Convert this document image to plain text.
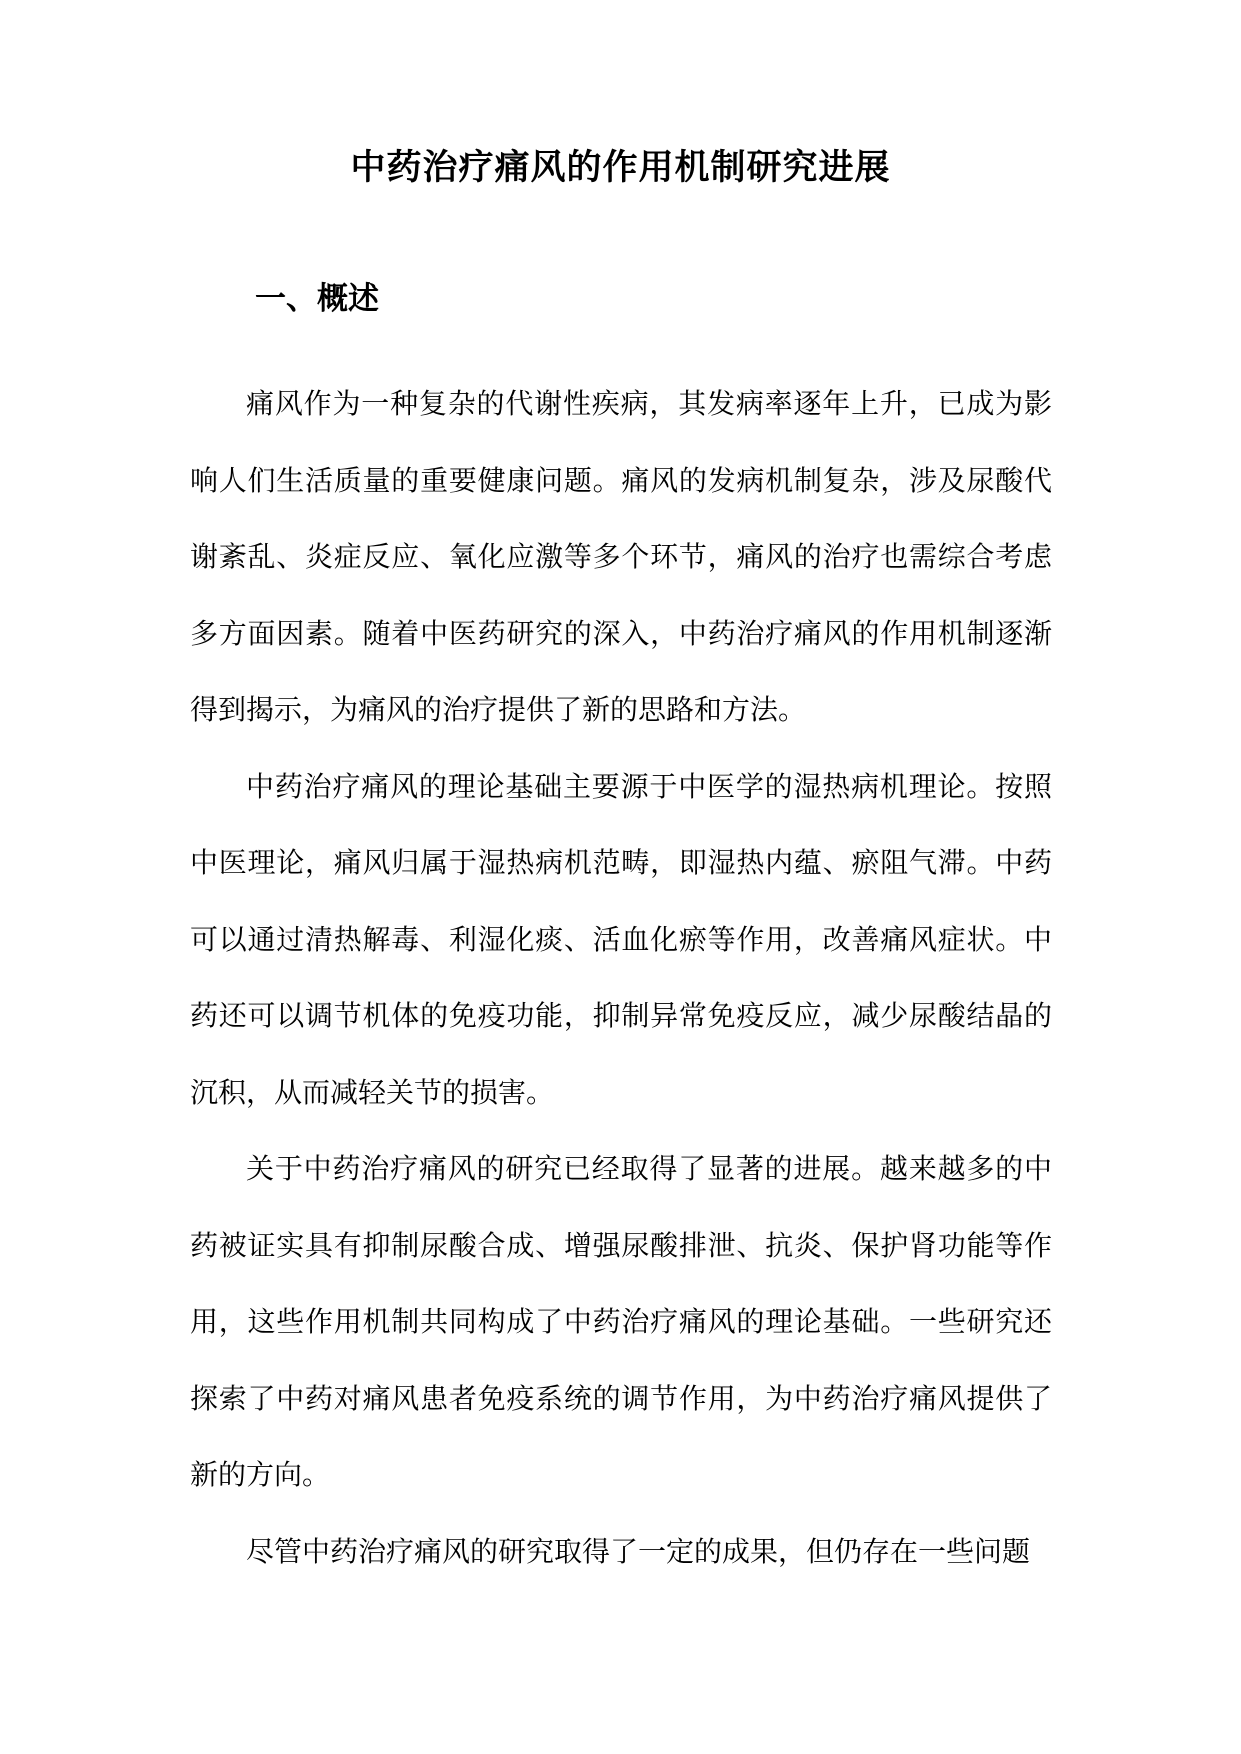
中药治疗痛风的作用机制研究进展
一、概述

痛风作为一种复杂的代谢性疾病，其发病率逐年上升，已成为影响人们生活质量的重要健康问题。痛风的发病机制复杂，涉及尿酸代谢紊乱、炎症反应、氧化应激等多个环节，痛风的治疗也需综合考虑多方面因素。随着中医药研究的深入，中药治疗痛风的作用机制逐渐得到揭示，为痛风的治疗提供了新的思路和方法。

中药治疗痛风的理论基础主要源于中医学的湿热病机理论。按照中医理论，痛风归属于湿热病机范畴，即湿热内蕴、瘀阻气滞。中药可以通过清热解毒、利湿化痰、活血化瘀等作用，改善痛风症状。中药还可以调节机体的免疫功能，抑制异常免疫反应，减少尿酸结晶的沉积，从而减轻关节的损害。

关于中药治疗痛风的研究已经取得了显著的进展。越来越多的中药被证实具有抑制尿酸合成、增强尿酸排泄、抗炎、保护肾功能等作用，这些作用机制共同构成了中药治疗痛风的理论基础。一些研究还探索了中药对痛风患者免疫系统的调节作用，为中药治疗痛风提供了新的方向。

尽管中药治疗痛风的研究取得了一定的成果，但仍存在一些问题
